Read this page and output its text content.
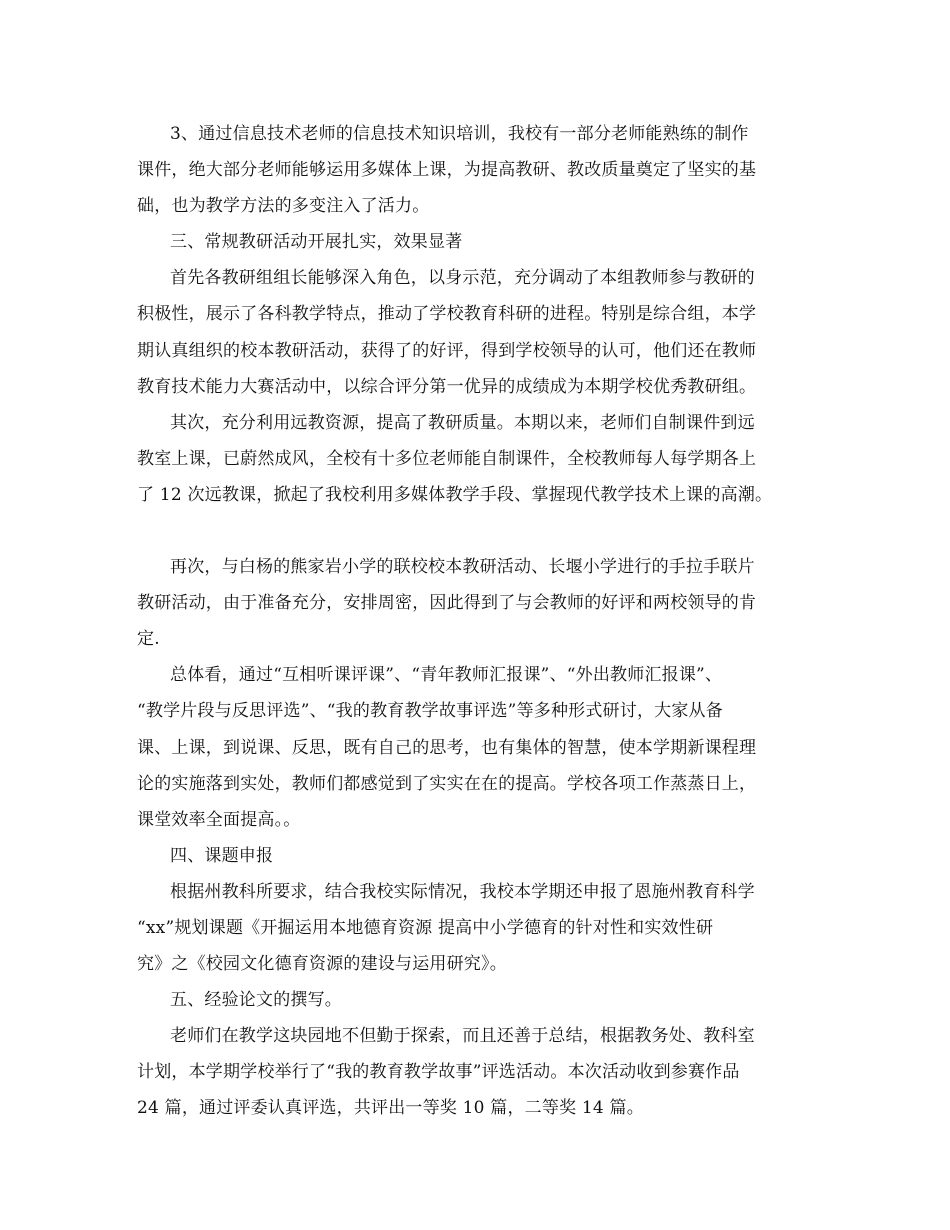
3、通过信息技术老师的信息技术知识培训，我校有一部分老师能熟练的制作
课件，绝大部分老师能够运用多媒体上课，为提高教研、教改质量奠定了坚实的基
础，也为教学方法的多变注入了活力。
三、常规教研活动开展扎实，效果显著
首先各教研组组长能够深入角色，以身示范，充分调动了本组教师参与教研的
积极性，展示了各科教学特点，推动了学校教育科研的进程。特别是综合组，本学
期认真组织的校本教研活动，获得了的好评，得到学校领导的认可，他们还在教师
教育技术能力大赛活动中，以综合评分第一优异的成绩成为本期学校优秀教研组。
其次，充分利用远教资源，提高了教研质量。本期以来，老师们自制课件到远
教室上课，已蔚然成风，全校有十多位老师能自制课件，全校教师每人每学期各上
了 12 次远教课，掀起了我校利用多媒体教学手段、掌握现代教学技术上课的高潮。
再次，与白杨的熊家岩小学的联校校本教研活动、长堰小学进行的手拉手联片
教研活动，由于准备充分，安排周密，因此得到了与会教师的好评和两校领导的肯
定.
总体看，通过“互相听课评课”、“青年教师汇报课”、“外出教师汇报课”、
“教学片段与反思评选”、“我的教育教学故事评选”等多种形式研讨，大家从备
课、上课，到说课、反思，既有自己的思考，也有集体的智慧，使本学期新课程理
论的实施落到实处，教师们都感觉到了实实在在的提高。学校各项工作蒸蒸日上，
课堂效率全面提高。。
四、课题申报
根据州教科所要求，结合我校实际情况，我校本学期还申报了恩施州教育科学
“xx”规划课题《开掘运用本地德育资源 提高中小学德育的针对性和实效性研
究》之《校园文化德育资源的建设与运用研究》。
五、经验论文的撰写。
老师们在教学这块园地不但勤于探索，而且还善于总结，根据教务处、教科室
计划，本学期学校举行了“我的教育教学故事”评选活动。本次活动收到参赛作品
24 篇，通过评委认真评选，共评出一等奖 10 篇，二等奖 14 篇。
